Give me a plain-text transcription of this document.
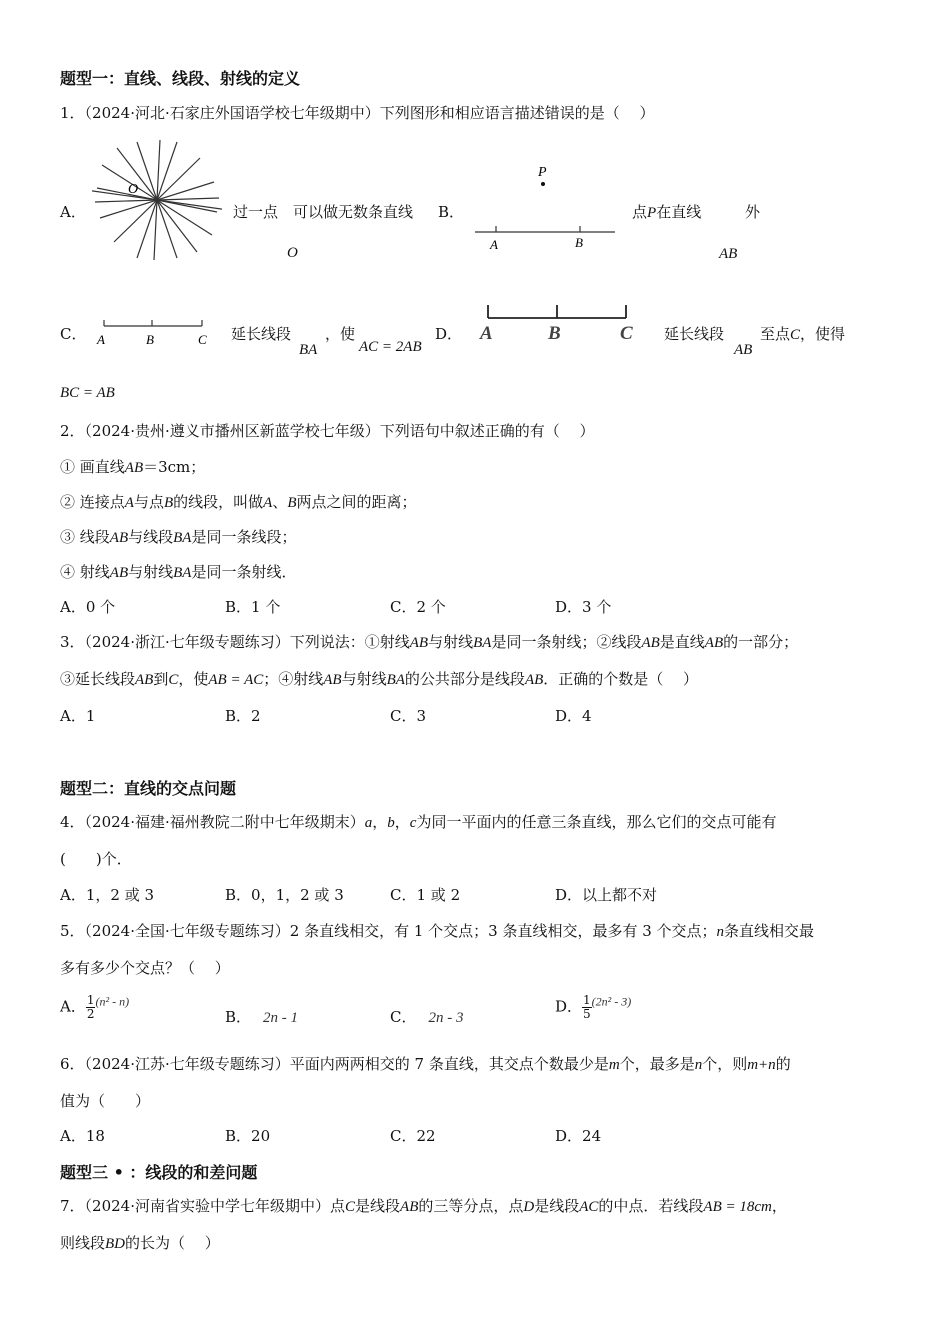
题型一：直线、线段、射线的定义
1．（2024·河北·石家庄外国语学校七年级期中）下列图形和相应语言描述错误的是（　 ）
A．
O
过一点　可以做无数条直线
O
B．
P
A	B
点P在直线	外
AB
C． A	B	C 延长线段
BA
，使
AC = 2AB
D． A	B	C 延长线段
AB
至点C，使得
BC = AB
2．（2024·贵州·遵义市播州区新蓝学校七年级）下列语句中叙述正确的有（　 ）
① 画直线AB＝3cm；
② 连接点A与点B的线段，叫做A、B两点之间的距离；
③ 线段AB与线段BA是同一条线段；
④ 射线AB与射线BA是同一条射线．
A．0 个	B．1 个	C．2 个	D．3 个
3．（2024·浙江·七年级专题练习）下列说法：①射线AB与射线BA是同一条射线；②线段AB是直线AB的一部分；
③延长线段AB到C，使AB = AC；④射线AB与射线BA的公共部分是线段AB．正确的个数是（　 ）
A．1	B．2	C．3	D．4
题型二：直线的交点问题
4．（2024·福建·福州教院二附中七年级期末）a，b，c为同一平面内的任意三条直线，那么它们的交点可能有
(　　)个．
A．1，2 或 3	B．0，1，2 或 3	C．1 或 2	D．以上都不对
5．（2024·全国·七年级专题练习）2 条直线相交，有 1 个交点；3 条直线相交，最多有 3 个交点；n条直线相交最
多有多少个交点？（　 ）
A． $\frac{1}{2} ^{(n^2 - n)}$
B． 2n - 1	C． 2n - 3
D． $\frac{1}{5} ^{(2n^2 - 3)}$
6．（2024·江苏·七年级专题练习）平面内两两相交的 7 条直线，其交点个数最少是m个，最多是n个，则m+n的
值为（　　）
A．18	B．20	C．22	D．24
题型三 • ：线段的和差问题
7．（2024·河南省实验中学七年级期中）点C是线段AB的三等分点，点D是线段AC的中点．若线段AB = 18cm，
则线段BD的长为（　 ）
